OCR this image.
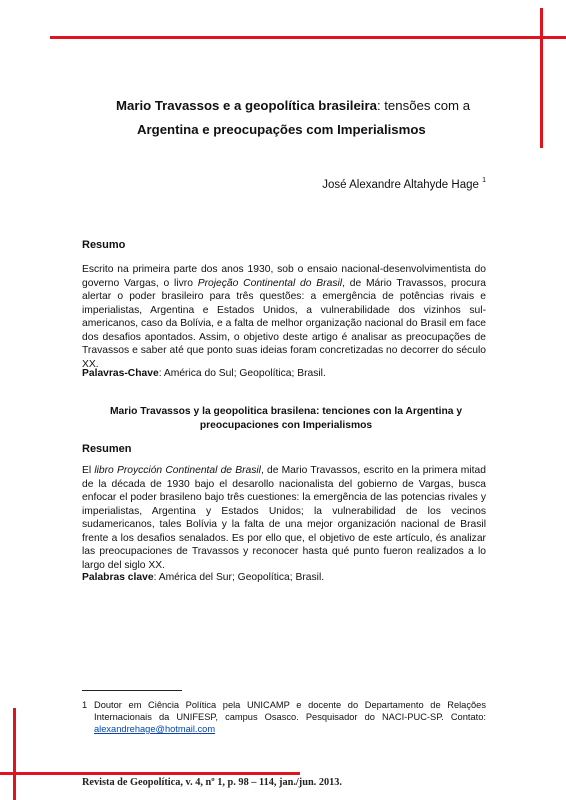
Mario Travassos e a geopolítica brasileira: tensões com a
Argentina e preocupações com Imperialismos
José Alexandre Altahyde Hage $^1$
Resumo
Escrito na primeira parte dos anos 1930, sob o ensaio nacional-desenvolvimentista do governo Vargas, o livro Projeção Continental do Brasil, de Mário Travassos, procura alertar o poder brasileiro para três questões: a emergência de potências rivais e imperialistas, Argentina e Estados Unidos, a vulnerabilidade dos vizinhos sul-americanos, caso da Bolívia, e a falta de melhor organização nacional do Brasil em face dos desafios apontados. Assim, o objetivo deste artigo é analisar as preocupações de Travassos e saber até que ponto suas ideias foram concretizadas no decorrer do século XX.
Palavras-Chave: América do Sul; Geopolítica; Brasil.
Mario Travassos y la geopolitica brasilena: tenciones con la Argentina y
preocupaciones con Imperialismos
Resumen
El libro Proycción Continental de Brasil, de Mario Travassos, escrito en la primera mitad de la década de 1930 bajo el desarollo nacionalista del gobierno de Vargas, busca enfocar el poder brasileno bajo três cuestiones: la emergência de las potencias rivales y imperialistas, Argentina y Estados Unidos; la vulnerabilidad de los vecinos sudamericanos, tales Bolívia y la falta de una mejor organización nacional de Brasil frente a los desafios senalados. Es por ello que, el objetivo de este artículo, és analizar las preocupaciones de Travassos y reconocer hasta qué punto fueron realizados a lo largo del siglo XX.
Palabras clave: América del Sur; Geopolítica; Brasil.
1 Doutor em Ciência Política pela UNICAMP e docente do Departamento de Relações Internacionais da UNIFESP, campus Osasco. Pesquisador do NACI-PUC-SP. Contato: alexandrehage@hotmail.com
Revista de Geopolítica, v. 4, nº 1, p. 98 – 114, jan./jun. 2013.
